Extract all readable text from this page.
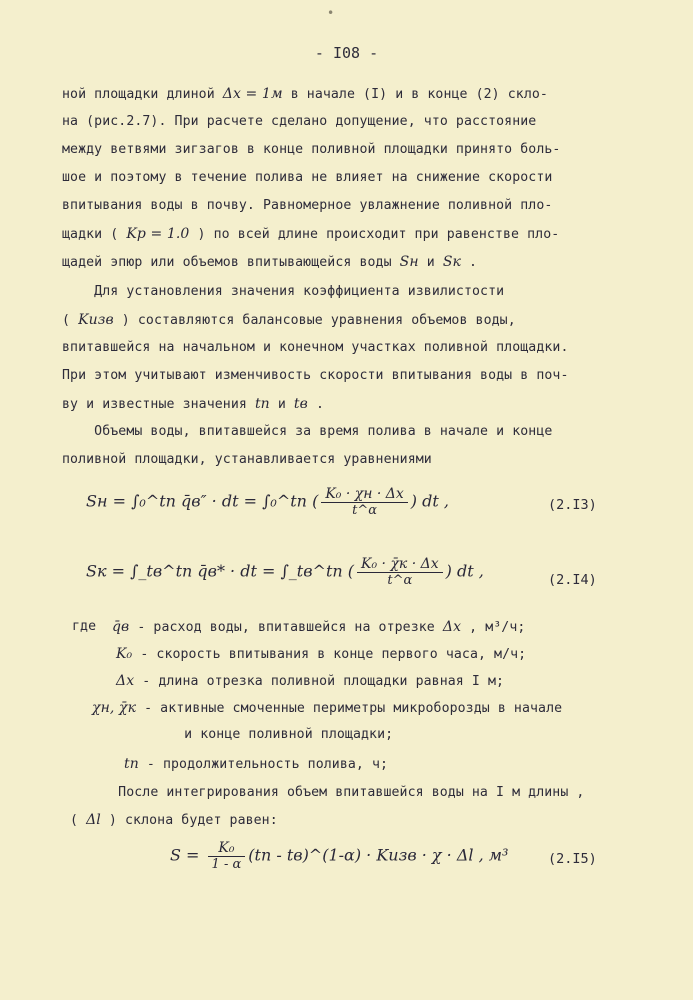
•
- I08 -
ной площадки длиной Δx = 1м в начале (I) и в конце (2) скло-
на (рис.2.7). При расчете сделано допущение, что расстояние
между ветвями зигзагов в конце поливной площадки принято боль-
шое и поэтому в течение полива не влияет на снижение скорости
впитывания воды в почву. Равномерное увлажнение поливной пло-
щадки ( Kр = 1.0 ) по всей длине происходит при равенстве пло-
щадей эпюр или объемов впитывающейся воды Sн и Sк .
Для установления значения коэффициента извилистости
( Kизв ) составляются балансовые уравнения объемов воды,
впитавшейся на начальном и конечном участках поливной площадки.
При этом учитывают изменчивость скорости впитывания воды в поч-
ву и известные значения tп и tв .
Объемы воды, впитавшейся за время полива в начале и конце
поливной площадки, устанавливается уравнениями
Sн = ∫₀^tп q̄в″ · dt = ∫₀^tп ( $\frac{\text{K₀ · χн · Δx}}{t\^{}\alpha}$ ) dt ,	(2.I3)
Sк = ∫_tв^tп q̄в* · dt = ∫_tв^tп ( $\frac{\text{K₀ · χ̄к · Δx}}{t\^{}\alpha}$ ) dt ,	(2.I4)
где q̄в - расход воды, впитавшейся на отрезке Δx , м³/ч;
K₀ - скорость впитывания в конце первого часа, м/ч;
Δx - длина отрезка поливной площадки равная I м;
χн, χ̄к - активные смоченные периметры микроборозды в начале
и конце поливной площадки;
tп - продолжительность полива, ч;
После интегрирования объем впитавшейся воды на I м длины ,
( Δl ) склона будет равен:
$S = \frac{\text{K₀}}{1 - \alpha} (tп$ - tв)^(1-α) · Kизв · χ · Δl , м³	(2.I5)
